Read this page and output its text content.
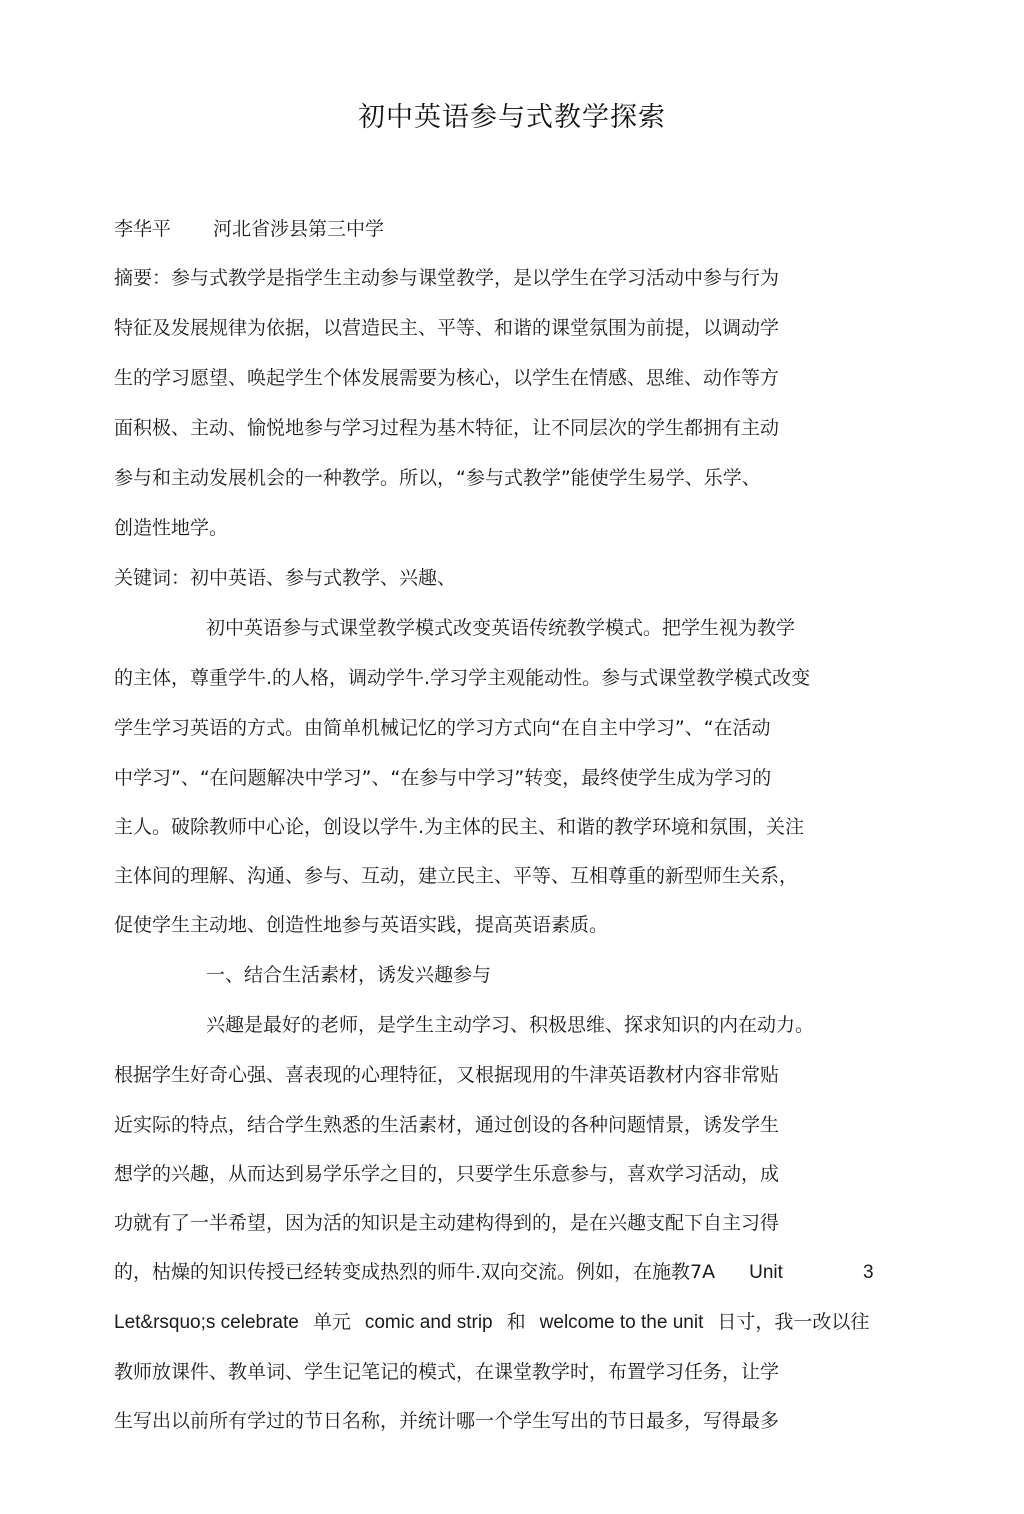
初中英语参与式教学探索
李华平 河北省涉县第三中学
摘要：参与式教学是指学生主动参与课堂教学，是以学生在学习活动中参与行为
特征及发展规律为依据，以营造民主、平等、和谐的课堂氛围为前提，以调动学
生的学习愿望、唤起学生个体发展需要为核心，以学生在情感、思维、动作等方
面积极、主动、愉悦地参与学习过程为基木特征，让不同层次的学生都拥有主动
参与和主动发展机会的一种教学。所以，“参与式教学”能使学生易学、乐学、
创造性地学。
关键词：初中英语、参与式教学、兴趣、
初中英语参与式课堂教学模式改变英语传统教学模式。把学生视为教学
的主体，尊重学牛.的人格，调动学牛.学习学主观能动性。参与式课堂教学模式改变
学生学习英语的方式。由简单机械记忆的学习方式向“在自主中学习”、“在活动
中学习”、“在问题解决中学习”、“在参与中学习”转变，最终使学生成为学习的
主人。破除教师中心论，创设以学牛.为主体的民主、和谐的教学环境和氛围，关注
主体间的理解、沟通、参与、互动，建立民主、平等、互相尊重的新型师生关系，
促使学生主动地、创造性地参与英语实践，提高英语素质。
一、结合生活素材，诱发兴趣参与
兴趣是最好的老师，是学生主动学习、积极思维、探求知识的内在动力。
根据学生好奇心强、喜表现的心理特征，又根据现用的牛津英语教材内容非常贴
近实际的特点，结合学生熟悉的生活素材，通过创设的各种问题情景，诱发学生
想学的兴趣，从而达到易学乐学之目的，只要学生乐意参与，喜欢学习活动，成
功就有了一半希望，因为活的知识是主动建构得到的，是在兴趣支配下自主习得
的，枯燥的知识传授已经转变成热烈的师牛.双向交流。例如，在施教7A Unit	3
Let&rsquo;s celebrate 单元 comic and strip 和 welcome to the unit 日寸，我一改以往
教师放课件、教单词、学生记笔记的模式，在课堂教学时，布置学习任务，让学
生写出以前所有学过的节日名称，并统计哪一个学生写出的节日最多，写得最多
